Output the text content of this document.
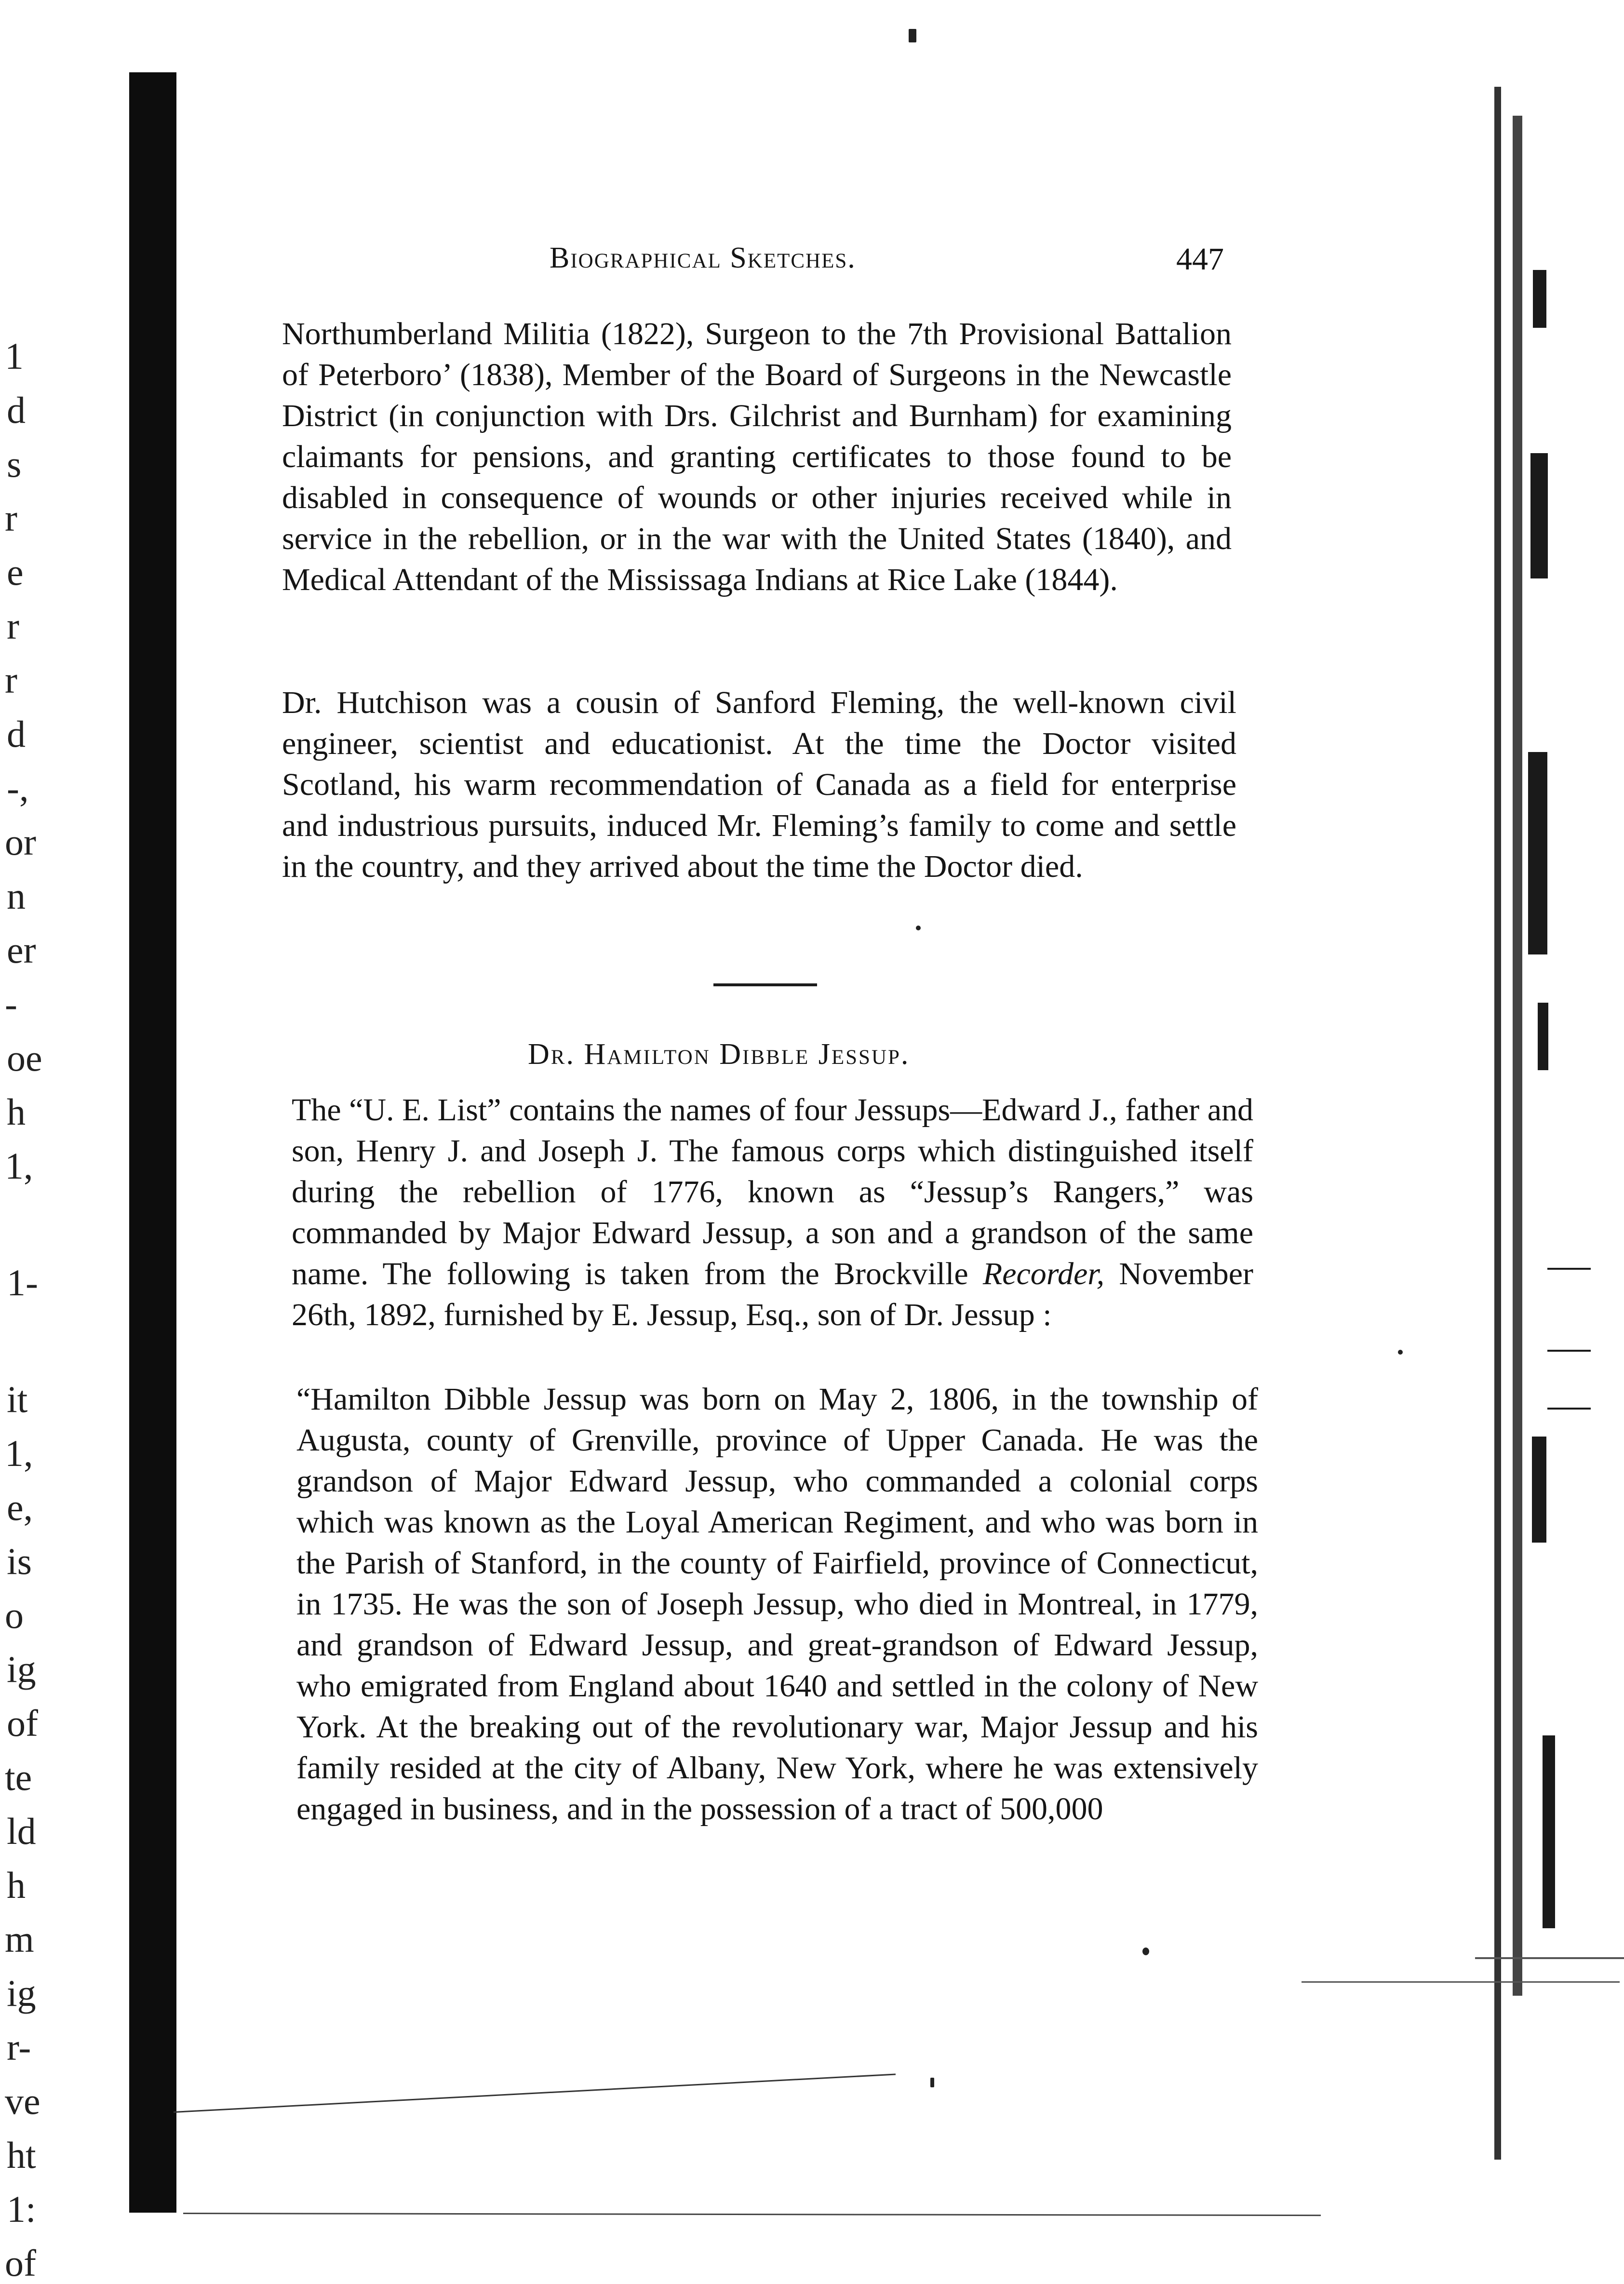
1
d
s
r
e
r
r
d
-,
or
n
er
-
oe
h
1,
1-
it
1,
e,
is
o
ig
of
te
ld
h
m
ig
r-
ve
ht
1:
of
Biographical Sketches.	447

Northumberland Militia (1822), Surgeon to the 7th Provisional Battalion of Peterboro’ (1838), Member of the Board of Surgeons in the Newcastle District (in conjunction with Drs. Gilchrist and Burnham) for examining claimants for pensions, and granting certificates to those found to be disabled in consequence of wounds or other injuries received while in service in the rebellion, or in the war with the United States (1840), and Medical Attendant of the Mississaga Indians at Rice Lake (1844).

Dr. Hutchison was a cousin of Sanford Fleming, the well-known civil engineer, scientist and educationist. At the time the Doctor visited Scotland, his warm recommendation of Canada as a field for enterprise and industrious pursuits, induced Mr. Fleming’s family to come and settle in the country, and they arrived about the time the Doctor died.

Dr. Hamilton Dibble Jessup.

The “U. E. List” contains the names of four Jessups—Edward J., father and son, Henry J. and Joseph J. The famous corps which distinguished itself during the rebellion of 1776, known as “Jessup’s Rangers,” was commanded by Major Edward Jessup, a son and a grandson of the same name. The following is taken from the Brockville Recorder, November 26th, 1892, furnished by E. Jessup, Esq., son of Dr. Jessup :

“Hamilton Dibble Jessup was born on May 2, 1806, in the township of Augusta, county of Grenville, province of Upper Canada. He was the grandson of Major Edward Jessup, who commanded a colonial corps which was known as the Loyal American Regiment, and who was born in the Parish of Stanford, in the county of Fairfield, province of Connecticut, in 1735. He was the son of Joseph Jessup, who died in Montreal, in 1779, and grandson of Edward Jessup, and great-grandson of Edward Jessup, who emigrated from England about 1640 and settled in the colony of New York. At the breaking out of the revolutionary war, Major Jessup and his family resided at the city of Albany, New York, where he was extensively engaged in business, and in the possession of a tract of 500,000
